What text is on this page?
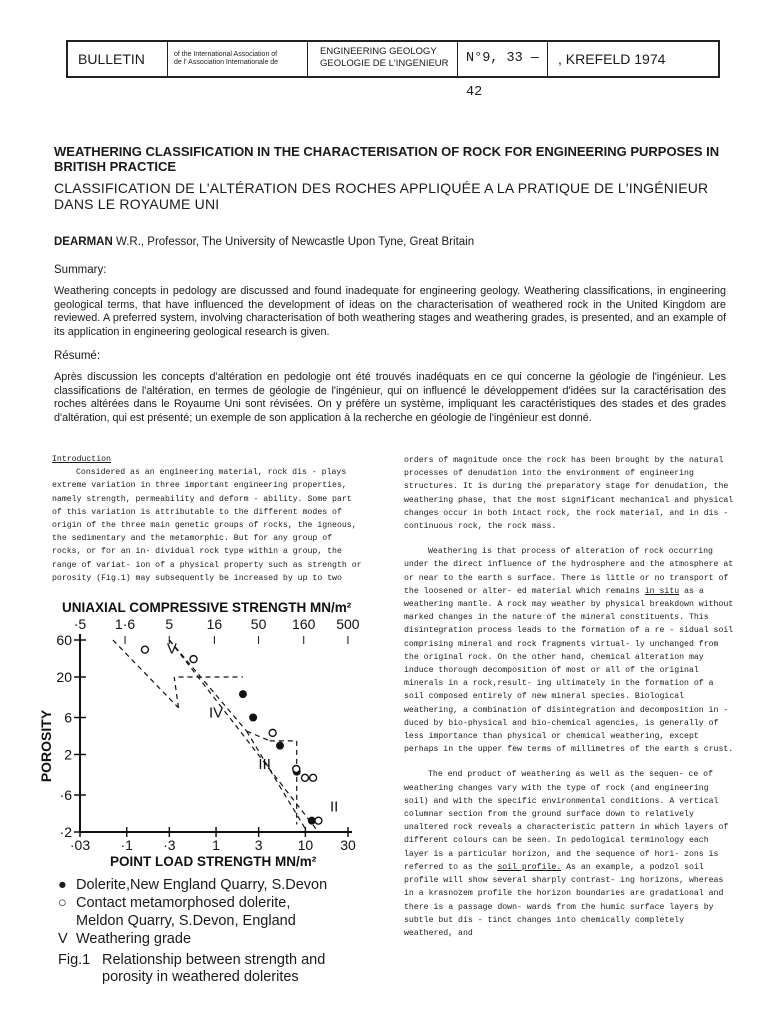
BULLETIN	of the International Association of
de l' Association Internationale de
ENGINEERING GEOLOGY
GEOLOGIE DE L'INGENIEUR	N°9, 33 — 42
, KREFELD 1974
WEATHERING CLASSIFICATION IN THE CHARACTERISATION OF ROCK FOR ENGINEERING PURPOSES IN BRITISH PRACTICE
CLASSIFICATION DE L'ALTÉRATION DES ROCHES APPLIQUÉE A LA PRATIQUE DE L'INGÉNIEUR DANS LE ROYAUME UNI
DEARMAN W.R., Professor, The University of Newcastle Upon Tyne, Great Britain
Summary:
Weathering concepts in pedology are discussed and found inadequate for engineering geology. Weathering classifications, in engineering geological terms, that have influenced the development of ideas on the characterisation of weathered rock in the United Kingdom are reviewed. A preferred system, involving characterisation of both weathering stages and weathering grades, is presented, and an example of its application in engineering geological research is given.
Résumé:
Après discussion les concepts d'altération en pedologie ont été trouvés inadéquats en ce qui concerne la géologie de l'ingénieur. Les classifications de l'altération, en termes de géologie de l'ingénieur, qui on influencé le développement d'idées sur la caractérisation des roches altérées dans le Royaume Uni sont révisées. On y préfère un système, impliquant les caractéristiques des stades et des grades d'altération, qui est présenté; un exemple de son application à la recherche en géologie de l'ingénieur est donné.

Introduction

Considered as an engineering material, rock dis - plays extreme variation in three important engineering properties, namely strength, permeability and deform - ability. Some part of this variation is attributable to the different modes of origin of the three main genetic groups of rocks, the igneous, the sedimentary and the metamorphic. But for any group of rocks, or for an in- dividual rock type within a group, the range of variat- ion of a physical property such as strength or porosity (Fig.1) may subsequently be increased by up to two

orders of magnitude once the rock has been brought by the natural processes of denudation into the environment of engineering structures. It is during the preparatory stage for denudation, the weathering phase, that the most significant mechanical and physical changes occur in both intact rock, the rock material, and in dis - continuous rock, the rock mass.

Weathering is that process of alteration of rock occurring under the direct influence of the hydrosphere and the atmosphere at or near to the earth s surface. There is little or no transport of the loosened or alter- ed material which remains in situ as a weathering mantle. A rock may weather by physical breakdown without marked changes in the nature of the mineral constituents. This disintegration process leads to the formation of a re - sidual soil comprising mineral and rock fragments virtual- ly unchanged from the original rock. On the other hand, chemical alteration may induce thorough decomposition of most or all of the original minerals in a rock,result- ing ultimately in the formation of a soil composed entirely of new mineral species. Biological weathering, a combination of disintegration and decomposition in - duced by bio-physical and bio-chemical agencies, is generally of less importance than physical or chemical weathering, except perhaps in the upper few terms of millimetres of the earth s crust.

The end product of weathering as well as the sequen- ce of weathering changes vary with the type of rock (and engineering soil) and with the specific environmental conditions. A vertical columnar section from the ground surface down to relatively unaltered rock reveals a characteristic pattern in which layers of different colours can be seen. In pedological terminology each layer is a particular horizon, and the sequence of hori- zons is referred to as the soil profile. As an example, a podzol soil profile will show several sharply contrast- ing horizons, whereas in a krasnozem profile the horizon boundaries are gradational and there is a passage down- wards from the humic surface layers by subtle but dis - tinct changes into chemically completely weathered, and

UNIAXIAL COMPRESSIVE STRENGTH MN/m²
·5 1·6 5 16 50 160 500
POROSITY
60
20
6
2
·6
·2
·03 ·1 ·3	1 3	10 30
V
IV
III
II
POINT LOAD STRENGTH MN/m²
● Dolerite,New England Quarry, S.Devon
○ Contact metamorphosed dolerite,
Meldon Quarry, S.Devon, England
V Weathering grade
Fig.1 Relationship between strength and
porosity in weathered dolerites
